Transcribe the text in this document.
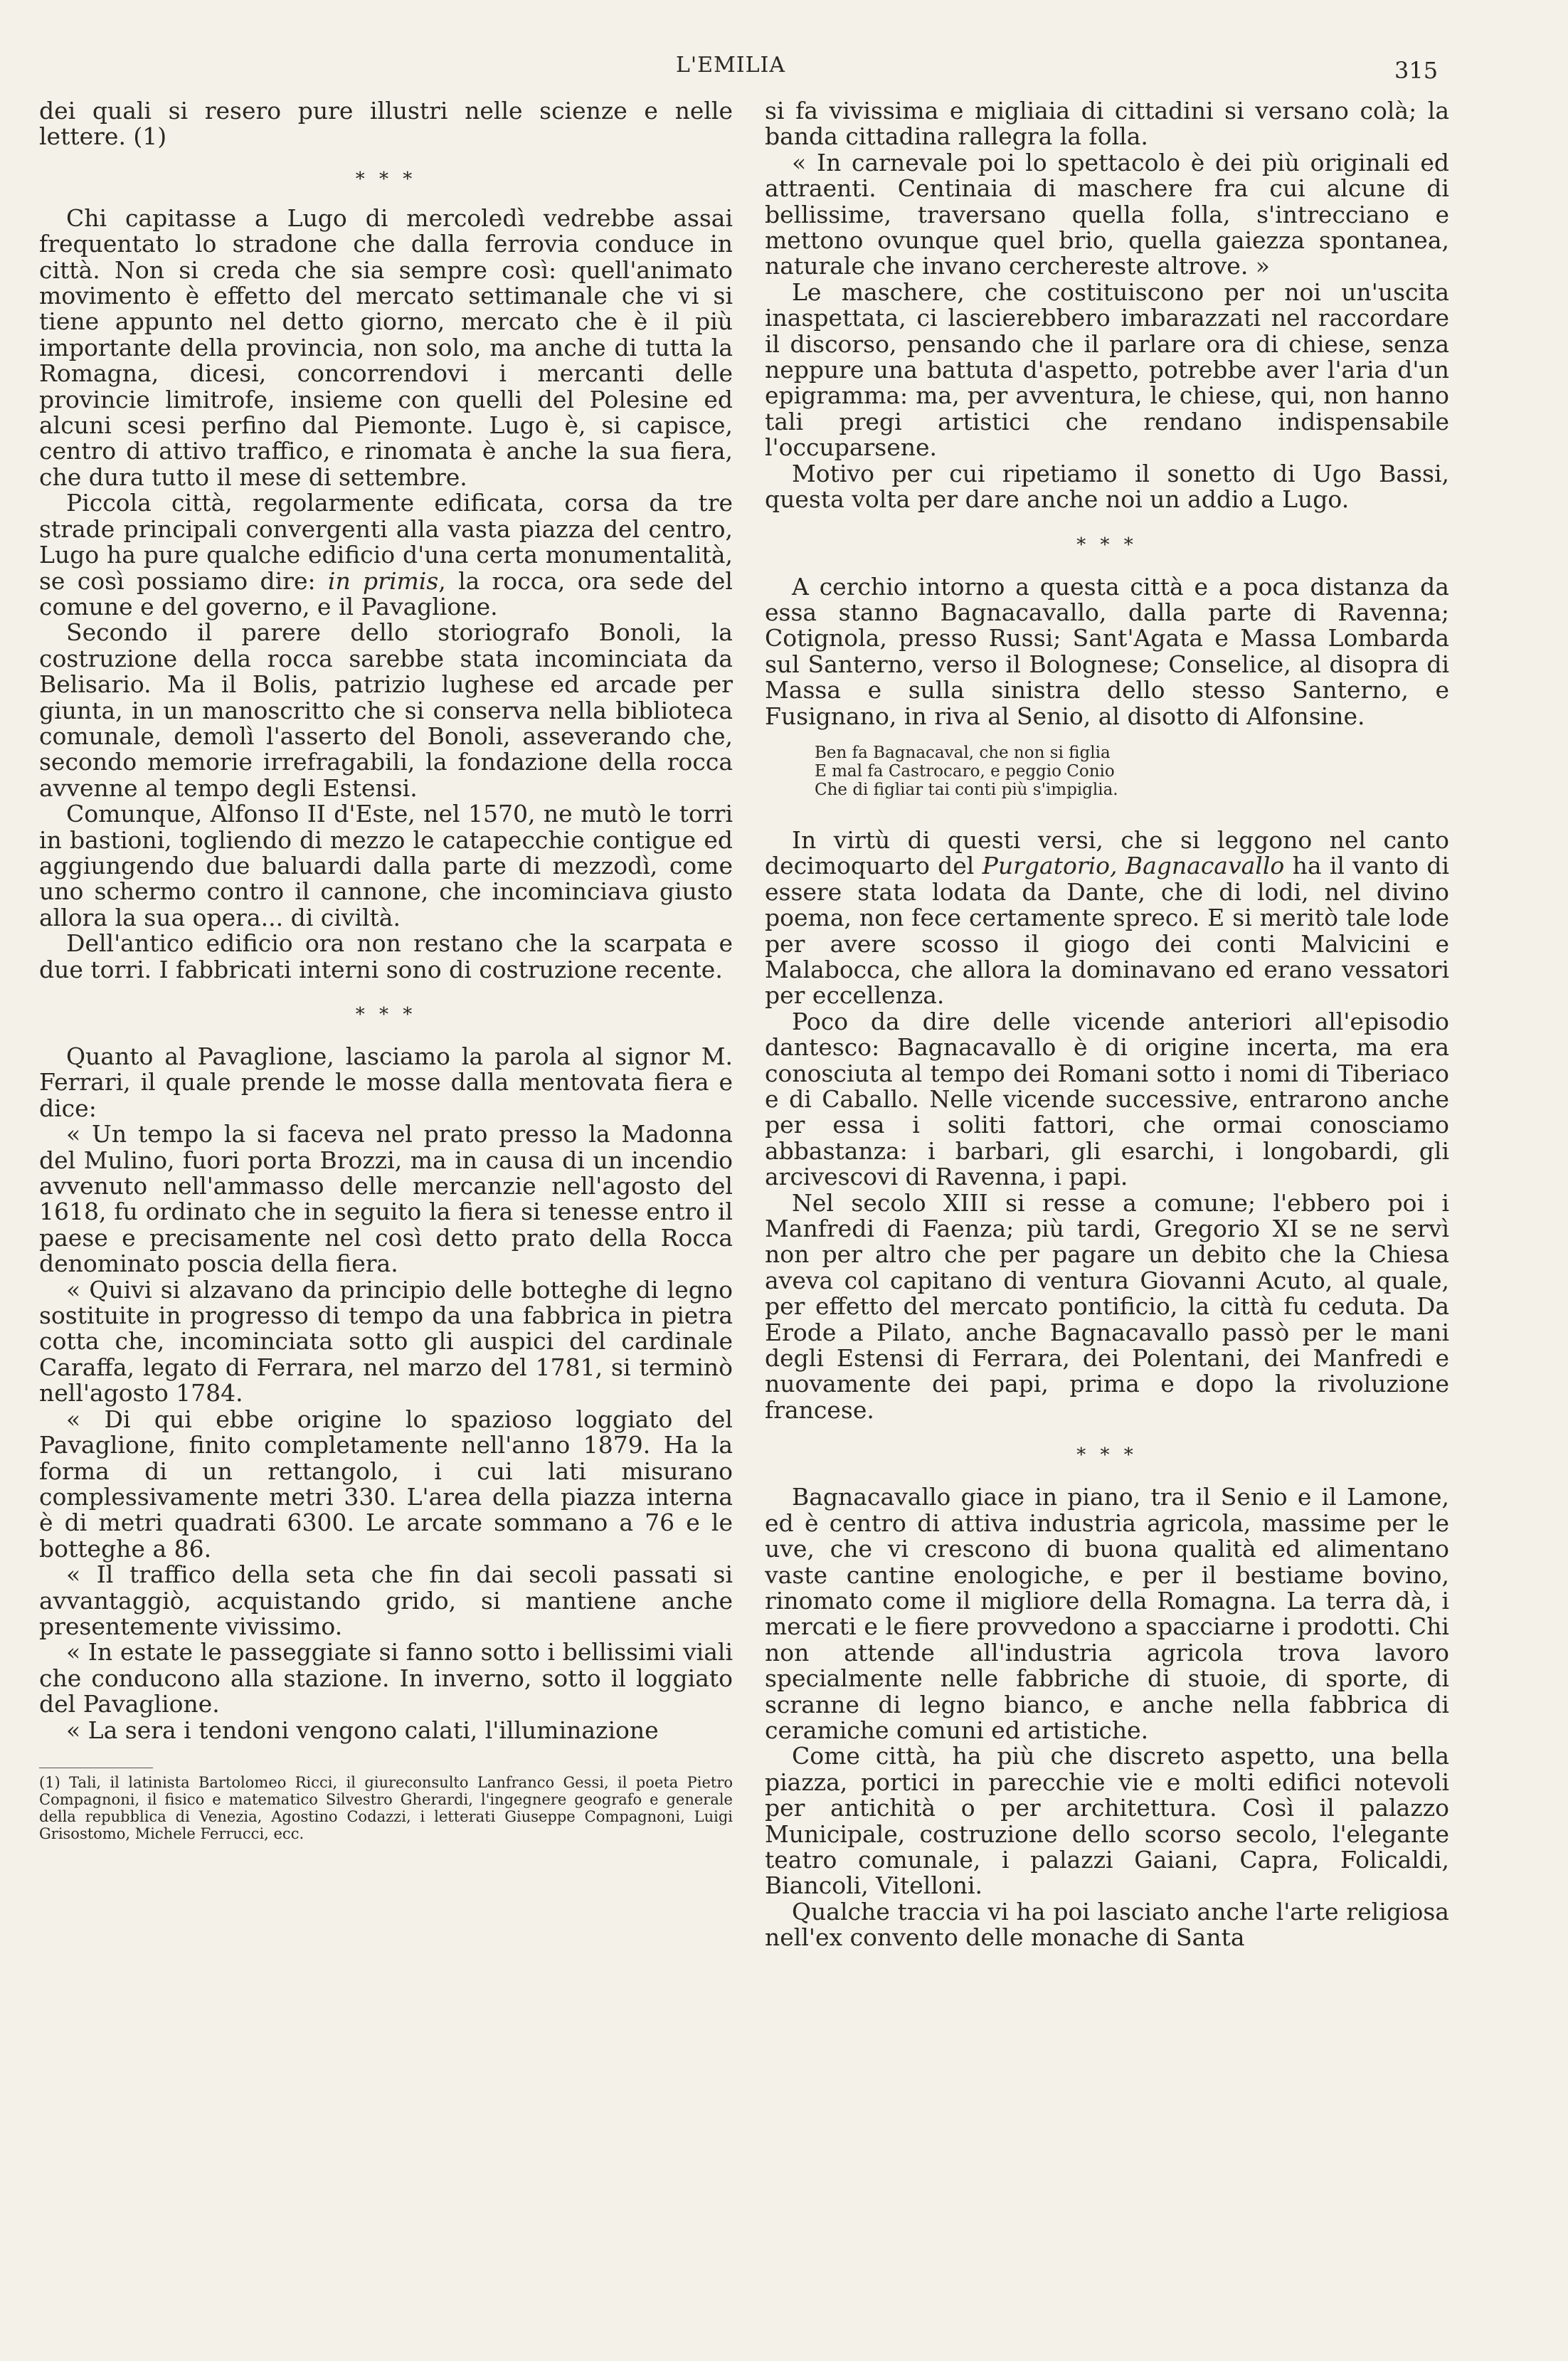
L'EMILIA	315

dei quali si resero pure illustri nelle scienze e nelle lettere. (1)

* * *

Chi capitasse a Lugo di mercoledì vedrebbe assai frequentato lo stradone che dalla ferrovia conduce in città. Non si creda che sia sempre così: quell'animato movimento è effetto del mercato settimanale che vi si tiene appunto nel detto giorno, mercato che è il più importante della provincia, non solo, ma anche di tutta la Romagna, dicesi, concorrendovi i mercanti delle provincie limitrofe, insieme con quelli del Polesine ed alcuni scesi perfino dal Piemonte. Lugo è, si capisce, centro di attivo traffico, e rinomata è anche la sua fiera, che dura tutto il mese di settembre.

Piccola città, regolarmente edificata, corsa da tre strade principali convergenti alla vasta piazza del centro, Lugo ha pure qualche edificio d'una certa monumentalità, se così possiamo dire: in primis, la rocca, ora sede del comune e del governo, e il Pavaglione.

Secondo il parere dello storiografo Bonoli, la costruzione della rocca sarebbe stata incominciata da Belisario. Ma il Bolis, patrizio lughese ed arcade per giunta, in un manoscritto che si conserva nella biblioteca comunale, demolì l'asserto del Bonoli, asseverando che, secondo memorie irrefragabili, la fondazione della rocca avvenne al tempo degli Estensi.

Comunque, Alfonso II d'Este, nel 1570, ne mutò le torri in bastioni, togliendo di mezzo le catapecchie contigue ed aggiungendo due baluardi dalla parte di mezzodì, come uno schermo contro il cannone, che incominciava giusto allora la sua opera... di civiltà.

Dell'antico edificio ora non restano che la scarpata e due torri. I fabbricati interni sono di costruzione recente.

* * *

Quanto al Pavaglione, lasciamo la parola al signor M. Ferrari, il quale prende le mosse dalla mentovata fiera e dice:

« Un tempo la si faceva nel prato presso la Madonna del Mulino, fuori porta Brozzi, ma in causa di un incendio avvenuto nell'ammasso delle mercanzie nell'agosto del 1618, fu ordinato che in seguito la fiera si tenesse entro il paese e precisamente nel così detto prato della Rocca denominato poscia della fiera.

« Quivi si alzavano da principio delle botteghe di legno sostituite in progresso di tempo da una fabbrica in pietra cotta che, incominciata sotto gli auspici del cardinale Caraffa, legato di Ferrara, nel marzo del 1781, si terminò nell'agosto 1784.

« Di qui ebbe origine lo spazioso loggiato del Pavaglione, finito completamente nell'anno 1879. Ha la forma di un rettangolo, i cui lati misurano complessivamente metri 330. L'area della piazza interna è di metri quadrati 6300. Le arcate sommano a 76 e le botteghe a 86.

« Il traffico della seta che fin dai secoli passati si avvantaggiò, acquistando grido, si mantiene anche presentemente vivissimo.

« In estate le passeggiate si fanno sotto i bellissimi viali che conducono alla stazione. In inverno, sotto il loggiato del Pavaglione.

« La sera i tendoni vengono calati, l'illuminazione

(1) Tali, il latinista Bartolomeo Ricci, il giureconsulto Lanfranco Gessi, il poeta Pietro Compagnoni, il fisico e matematico Silvestro Gherardi, l'ingegnere geografo e generale della repubblica di Venezia, Agostino Codazzi, i letterati Giuseppe Compagnoni, Luigi Grisostomo, Michele Ferrucci, ecc.

si fa vivissima e migliaia di cittadini si versano colà; la banda cittadina rallegra la folla.

« In carnevale poi lo spettacolo è dei più originali ed attraenti. Centinaia di maschere fra cui alcune di bellissime, traversano quella folla, s'intrecciano e mettono ovunque quel brio, quella gaiezza spontanea, naturale che invano cerchereste altrove. »

Le maschere, che costituiscono per noi un'uscita inaspettata, ci lascierebbero imbarazzati nel raccordare il discorso, pensando che il parlare ora di chiese, senza neppure una battuta d'aspetto, potrebbe aver l'aria d'un epigramma: ma, per avventura, le chiese, qui, non hanno tali pregi artistici che rendano indispensabile l'occuparsene.

Motivo per cui ripetiamo il sonetto di Ugo Bassi, questa volta per dare anche noi un addio a Lugo.

* * *

A cerchio intorno a questa città e a poca distanza da essa stanno Bagnacavallo, dalla parte di Ravenna; Cotignola, presso Russi; Sant'Agata e Massa Lombarda sul Santerno, verso il Bolognese; Conselice, al disopra di Massa e sulla sinistra dello stesso Santerno, e Fusignano, in riva al Senio, al disotto di Alfonsine.

Ben fa Bagnacaval, che non si figlia
E mal fa Castrocaro, e peggio Conio
Che di figliar tai conti più s'impiglia.

In virtù di questi versi, che si leggono nel canto decimoquarto del Purgatorio, Bagnacavallo ha il vanto di essere stata lodata da Dante, che di lodi, nel divino poema, non fece certamente spreco. E si meritò tale lode per avere scosso il giogo dei conti Malvicini e Malabocca, che allora la dominavano ed erano vessatori per eccellenza.

Poco da dire delle vicende anteriori all'episodio dantesco: Bagnacavallo è di origine incerta, ma era conosciuta al tempo dei Romani sotto i nomi di Tiberiaco e di Caballo. Nelle vicende successive, entrarono anche per essa i soliti fattori, che ormai conosciamo abbastanza: i barbari, gli esarchi, i longobardi, gli arcivescovi di Ravenna, i papi.

Nel secolo XIII si resse a comune; l'ebbero poi i Manfredi di Faenza; più tardi, Gregorio XI se ne servì non per altro che per pagare un debito che la Chiesa aveva col capitano di ventura Giovanni Acuto, al quale, per effetto del mercato pontificio, la città fu ceduta. Da Erode a Pilato, anche Bagnacavallo passò per le mani degli Estensi di Ferrara, dei Polentani, dei Manfredi e nuovamente dei papi, prima e dopo la rivoluzione francese.

* * *

Bagnacavallo giace in piano, tra il Senio e il Lamone, ed è centro di attiva industria agricola, massime per le uve, che vi crescono di buona qualità ed alimentano vaste cantine enologiche, e per il bestiame bovino, rinomato come il migliore della Romagna. La terra dà, i mercati e le fiere provvedono a spacciarne i prodotti. Chi non attende all'industria agricola trova lavoro specialmente nelle fabbriche di stuoie, di sporte, di scranne di legno bianco, e anche nella fabbrica di ceramiche comuni ed artistiche.

Come città, ha più che discreto aspetto, una bella piazza, portici in parecchie vie e molti edifici notevoli per antichità o per architettura. Così il palazzo Municipale, costruzione dello scorso secolo, l'elegante teatro comunale, i palazzi Gaiani, Capra, Folicaldi, Biancoli, Vitelloni.

Qualche traccia vi ha poi lasciato anche l'arte religiosa nell'ex convento delle monache di Santa
